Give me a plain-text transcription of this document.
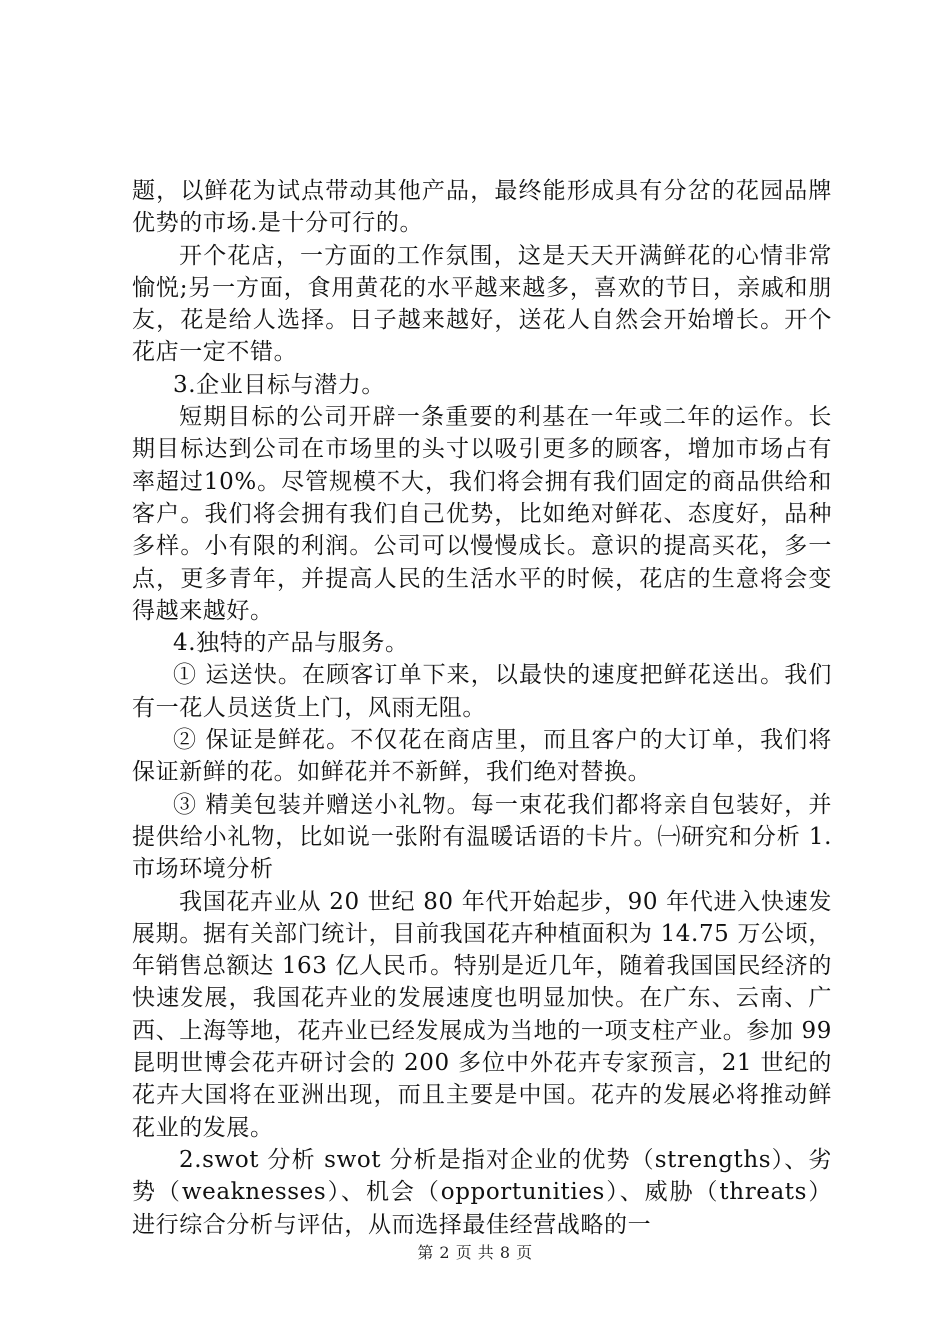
题，以鲜花为试点带动其他产品，最终能形成具有分岔的花园品牌优势的市场.是十分可行的。

开个花店，一方面的工作氛围，这是天天开满鲜花的心情非常愉悦;另一方面，食用黄花的水平越来越多，喜欢的节日，亲戚和朋友，花是给人选择。日子越来越好，送花人自然会开始增长。开个花店一定不错。

3.企业目标与潜力。

短期目标的公司开辟一条重要的利基在一年或二年的运作。长期目标达到公司在市场里的头寸以吸引更多的顾客，增加市场占有率超过10%。尽管规模不大，我们将会拥有我们固定的商品供给和客户。我们将会拥有我们自己优势，比如绝对鲜花、态度好，品种多样。小有限的利润。公司可以慢慢成长。意识的提高买花，多一点，更多青年，并提高人民的生活水平的时候，花店的生意将会变得越来越好。

4.独特的产品与服务。

① 运送快。在顾客订单下来，以最快的速度把鲜花送出。我们有一花人员送货上门，风雨无阻。

② 保证是鲜花。不仅花在商店里，而且客户的大订单，我们将保证新鲜的花。如鲜花并不新鲜，我们绝对替换。

③ 精美包装并赠送小礼物。每一束花我们都将亲自包装好，并提供给小礼物，比如说一张附有温暖话语的卡片。㈠研究和分析 1.市场环境分析

我国花卉业从 20 世纪 80 年代开始起步，90 年代进入快速发展期。据有关部门统计，目前我国花卉种植面积为 14.75 万公顷，年销售总额达 163 亿人民币。特别是近几年，随着我国国民经济的快速发展，我国花卉业的发展速度也明显加快。在广东、云南、广西、上海等地，花卉业已经发展成为当地的一项支柱产业。参加 99 昆明世博会花卉研讨会的 200 多位中外花卉专家预言，21 世纪的花卉大国将在亚洲出现，而且主要是中国。花卉的发展必将推动鲜花业的发展。

2.swot 分析 swot 分析是指对企业的优势（strengths）、劣势（weaknesses）、机会（opportunities）、威胁（threats）进行综合分析与评估，从而选择最佳经营战略的一

第 2 页 共 8 页
